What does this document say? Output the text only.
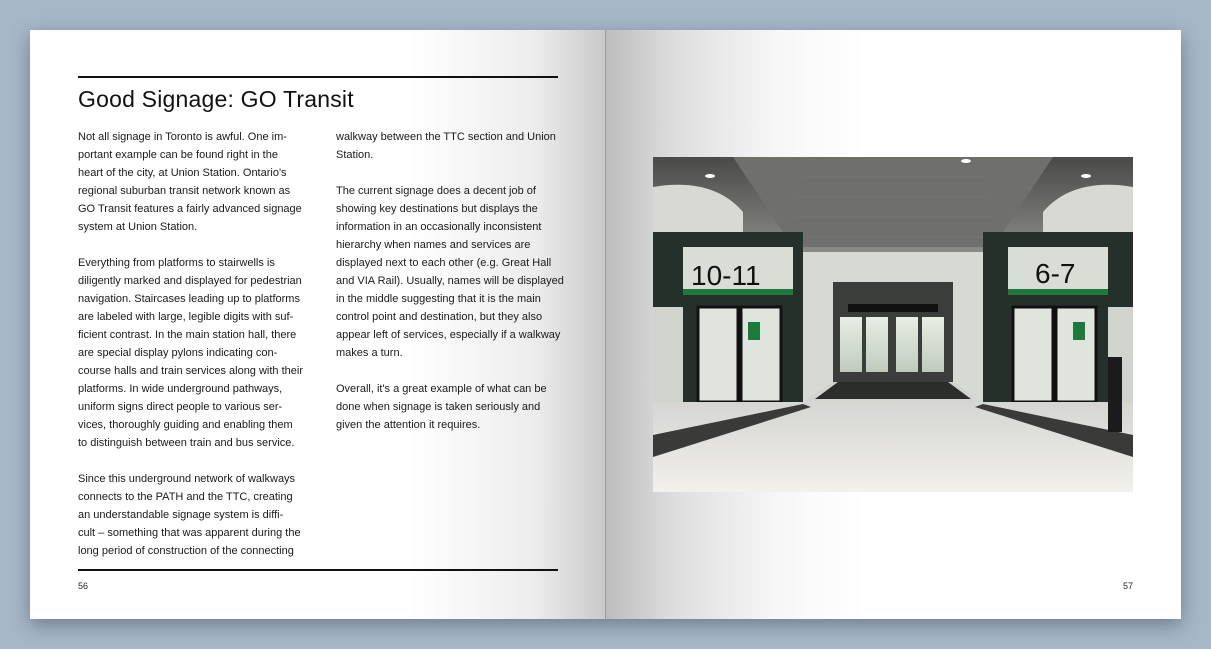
Good Signage: GO Transit

Not all signage in Toronto is awful. One im-
portant example can be found right in the
heart of the city, at Union Station. Ontario's
regional suburban transit network known as
GO Transit features a fairly advanced signage
system at Union Station.

Everything from platforms to stairwells is
diligently marked and displayed for pedestrian
navigation. Staircases leading up to platforms
are labeled with large, legible digits with suf-
ficient contrast. In the main station hall, there
are special display pylons indicating con-
course halls and train services along with their
platforms. In wide underground pathways,
uniform signs direct people to various ser-
vices, thoroughly guiding and enabling them
to distinguish between train and bus service.

Since this underground network of walkways
connects to the PATH and the TTC, creating
an understandable signage system is diffi-
cult – something that was apparent during the
long period of construction of the connecting

walkway between the TTC section and Union
Station.

The current signage does a decent job of
showing key destinations but displays the
information in an occasionally inconsistent
hierarchy when names and services are
displayed next to each other (e.g. Great Hall
and VIA Rail). Usually, names will be displayed
in the middle suggesting that it is the main
control point and destination, but they also
appear left of services, especially if a walkway
makes a turn.

Overall, it's a great example of what can be
done when signage is taken seriously and
given the attention it requires.

56	57
10-11	6-7
